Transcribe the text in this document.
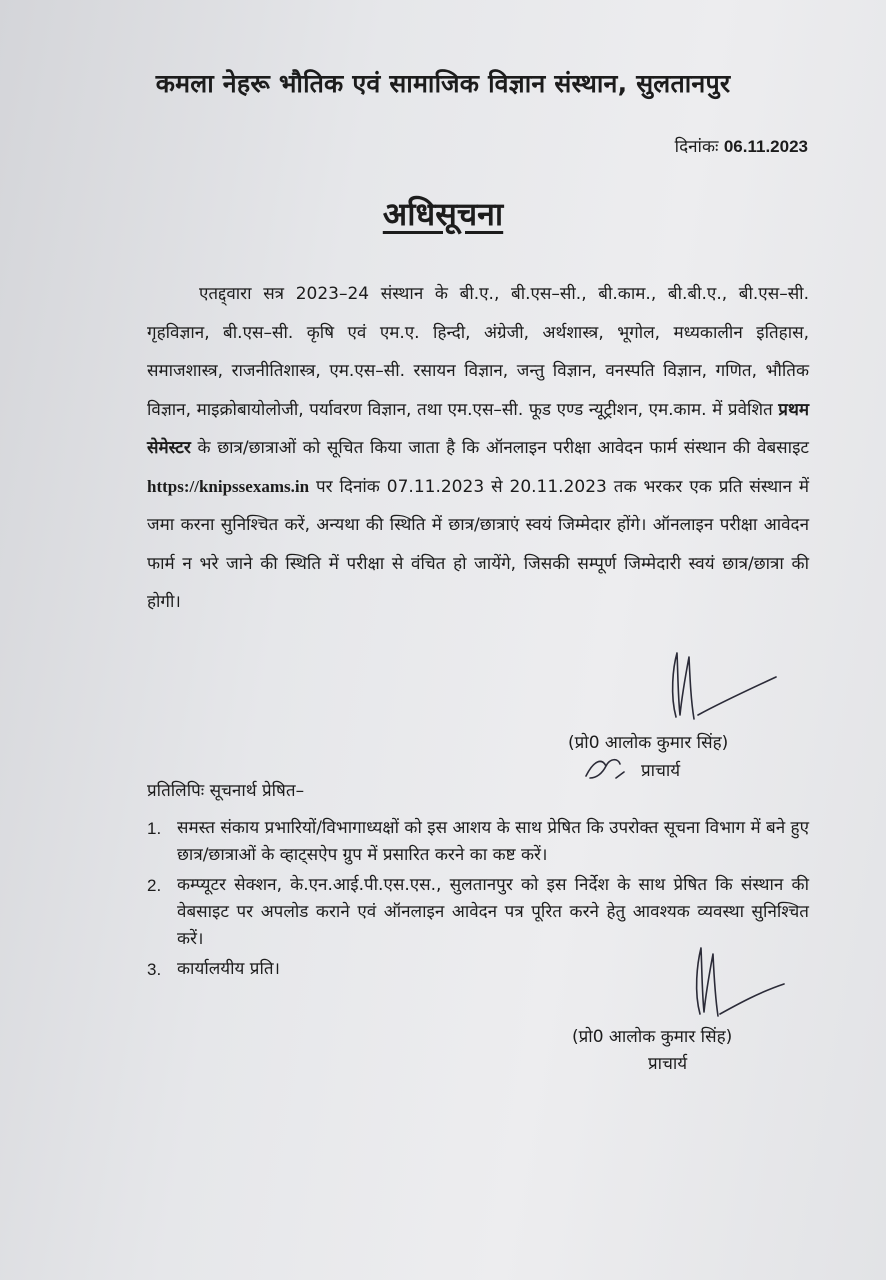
कमला नेहरू भौतिक एवं सामाजिक विज्ञान संस्थान, सुलतानपुर
दिनांकः 06.11.2023
अधिसूचना
एतद्द्वारा सत्र 2023–24 संस्थान के बी.ए., बी.एस–सी., बी.काम., बी.बी.ए., बी.एस–सी. गृहविज्ञान, बी.एस–सी. कृषि एवं एम.ए. हिन्दी, अंग्रेजी, अर्थशास्त्र, भूगोल, मध्यकालीन इतिहास, समाजशास्त्र, राजनीतिशास्त्र, एम.एस–सी. रसायन विज्ञान, जन्तु विज्ञान, वनस्पति विज्ञान, गणित, भौतिक विज्ञान, माइक्रोबायोलोजी, पर्यावरण विज्ञान, तथा एम.एस–सी. फूड एण्ड न्यूट्रीशन, एम.काम. में प्रवेशित प्रथम सेमेस्टर के छात्र/छात्राओं को सूचित किया जाता है कि ऑनलाइन परीक्षा आवेदन फार्म संस्थान की वेबसाइट https://knipssexams.in पर दिनांक 07.11.2023 से 20.11.2023 तक भरकर एक प्रति संस्थान में जमा करना सुनिश्चित करें, अन्यथा की स्थिति में छात्र/छात्राएं स्वयं जिम्मेदार होंगे। ऑनलाइन परीक्षा आवेदन फार्म न भरे जाने की स्थिति में परीक्षा से वंचित हो जायेंगे, जिसकी सम्पूर्ण जिम्मेदारी स्वयं छात्र/छात्रा की होगी।
(प्रो0 आलोक कुमार सिंह)
प्राचार्य
प्रतिलिपिः सूचनार्थ प्रेषित–
1. समस्त संकाय प्रभारियों/विभागाध्यक्षों को इस आशय के साथ प्रेषित कि उपरोक्त सूचना विभाग में बने हुए छात्र/छात्राओं के व्हाट्सऐप ग्रुप में प्रसारित करने का कष्ट करें।
2. कम्प्यूटर सेक्शन, के.एन.आई.पी.एस.एस., सुलतानपुर को इस निर्देश के साथ प्रेषित कि संस्थान की वेबसाइट पर अपलोड कराने एवं ऑनलाइन आवेदन पत्र पूरित करने हेतु आवश्यक व्यवस्था सुनिश्चित करें।
3. कार्यालयीय प्रति।
(प्रो0 आलोक कुमार सिंह)
प्राचार्य
